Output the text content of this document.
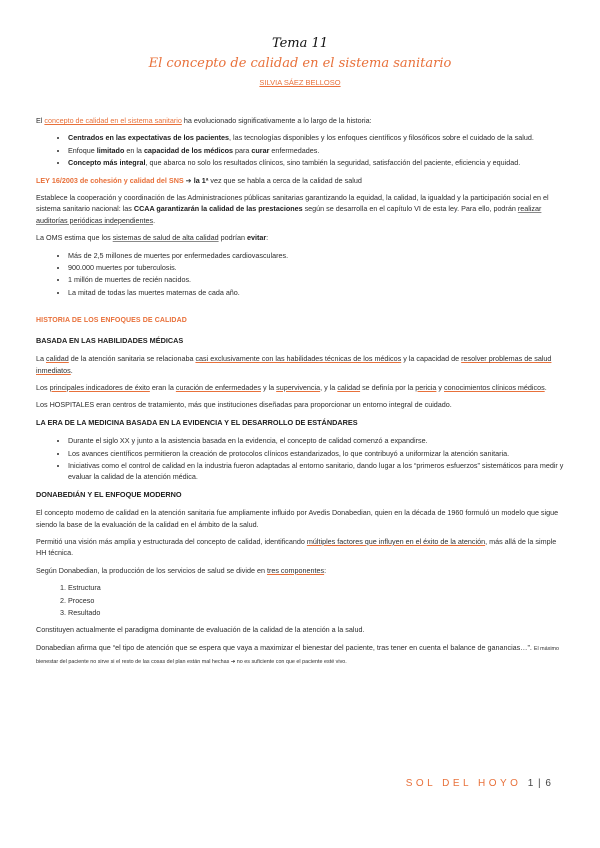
Tema 11
El concepto de calidad en el sistema sanitario
SILVIA SÁEZ BELLOSO

El concepto de calidad en el sistema sanitario ha evolucionado significativamente a lo largo de la historia:

• Centrados en las expectativas de los pacientes, las tecnologías disponibles y los enfoques científicos y filosóficos sobre el cuidado de la salud.
• Enfoque limitado en la capacidad de los médicos para curar enfermedades.
• Concepto más integral, que abarca no solo los resultados clínicos, sino también la seguridad, satisfacción del paciente, eficiencia y equidad.

LEY 16/2003 de cohesión y calidad del SNS ➔ la 1ª vez que se habla a cerca de la calidad de salud

Establece la cooperación y coordinación de las Administraciones públicas sanitarias garantizando la equidad, la calidad, la igualdad y la participación social en el sistema sanitario nacional: las CCAA garantizarán la calidad de las prestaciones según se desarrolla en el capítulo VI de esta ley. Para ello, podrán realizar auditorías periódicas independientes.

La OMS estima que los sistemas de salud de alta calidad podrían evitar:

• Más de 2,5 millones de muertes por enfermedades cardiovasculares.
• 900.000 muertes por tuberculosis.
• 1 millón de muertes de recién nacidos.
• La mitad de todas las muertes maternas de cada año.
HISTORIA DE LOS ENFOQUES DE CALIDAD
BASADA EN LAS HABILIDADES MÉDICAS

La calidad de la atención sanitaria se relacionaba casi exclusivamente con las habilidades técnicas de los médicos y la capacidad de resolver problemas de salud inmediatos.

Los principales indicadores de éxito eran la curación de enfermedades y la supervivencia, y la calidad se definía por la pericia y conocimientos clínicos médicos.

Los HOSPITALES eran centros de tratamiento, más que instituciones diseñadas para proporcionar un entorno integral de cuidado.

LA ERA DE LA MEDICINA BASADA EN LA EVIDENCIA Y EL DESARROLLO DE ESTÁNDARES
• Durante el siglo XX y junto a la asistencia basada en la evidencia, el concepto de calidad comenzó a expandirse.
• Los avances científicos permitieron la creación de protocolos clínicos estandarizados, lo que contribuyó a uniformizar la atención sanitaria.
• Iniciativas como el control de calidad en la industria fueron adaptadas al entorno sanitario, dando lugar a los “primeros esfuerzos” sistemáticos para medir y evaluar la calidad de la atención médica.
DONABEDIÁN Y EL ENFOQUE MODERNO

El concepto moderno de calidad en la atención sanitaria fue ampliamente influido por Avedis Donabedian, quien en la década de 1960 formuló un modelo que sigue siendo la base de la evaluación de la calidad en el ámbito de la salud.

Permitió una visión más amplia y estructurada del concepto de calidad, identificando múltiples factores que influyen en el éxito de la atención, más allá de la simple HH técnica.

Según Donabedian, la producción de los servicios de salud se divide en tres componentes:

1. Estructura
2. Proceso
3. Resultado

Constituyen actualmente el paradigma dominante de evaluación de la calidad de la atención a la salud.

Donabedian afirma que “el tipo de atención que se espera que vaya a maximizar el bienestar del paciente, tras tener en cuenta el balance de ganancias…”. El máximo bienestar del paciente no sirve si el resto de las cosas del plan están mal hechas ➔ no es suficiente con que el paciente esté vivo.

SOL DEL HOYO 1 | 6
